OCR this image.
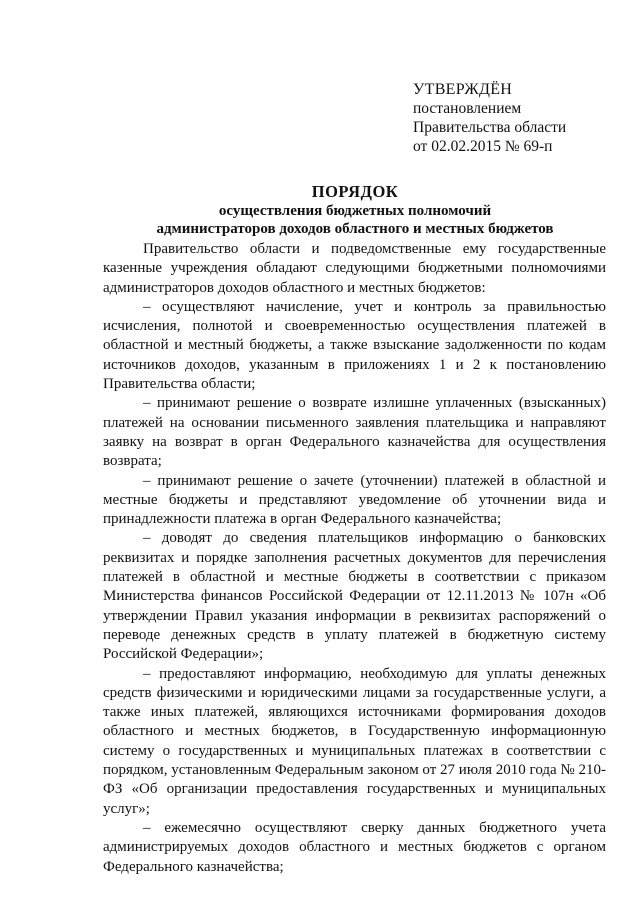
УТВЕРЖДЁН
постановлением
Правительства области
от 02.02.2015 № 69-п
ПОРЯДОК
осуществления бюджетных полномочий
администраторов доходов областного и местных бюджетов

Правительство области и подведомственные ему государственные казенные учреждения обладают следующими бюджетными полномочиями администраторов доходов областного и местных бюджетов:

– осуществляют начисление, учет и контроль за правильностью исчисления, полнотой и своевременностью осуществления платежей в областной и местный бюджеты, а также взыскание задолженности по кодам источников доходов, указанным в приложениях 1 и 2 к постановлению Правительства области;

– принимают решение о возврате излишне уплаченных (взысканных) платежей на основании письменного заявления плательщика и направляют заявку на возврат в орган Федерального казначейства для осуществления возврата;

– принимают решение о зачете (уточнении) платежей в областной и местные бюджеты и представляют уведомление об уточнении вида и принадлежности платежа в орган Федерального казначейства;

– доводят до сведения плательщиков информацию о банковских реквизитах и порядке заполнения расчетных документов для перечисления платежей в областной и местные бюджеты в соответствии с приказом Министерства финансов Российской Федерации от 12.11.2013 № 107н «Об утверждении Правил указания информации в реквизитах распоряжений о переводе денежных средств в уплату платежей в бюджетную систему Российской Федерации»;

– предоставляют информацию, необходимую для уплаты денежных средств физическими и юридическими лицами за государственные услуги, а также иных платежей, являющихся источниками формирования доходов областного и местных бюджетов, в Государственную информационную систему о государственных и муниципальных платежах в соответствии с порядком, установленным Федеральным законом от 27 июля 2010 года № 210-ФЗ «Об организации предоставления государственных и муниципальных услуг»;

– ежемесячно осуществляют сверку данных бюджетного учета администрируемых доходов областного и местных бюджетов с органом Федерального казначейства;
